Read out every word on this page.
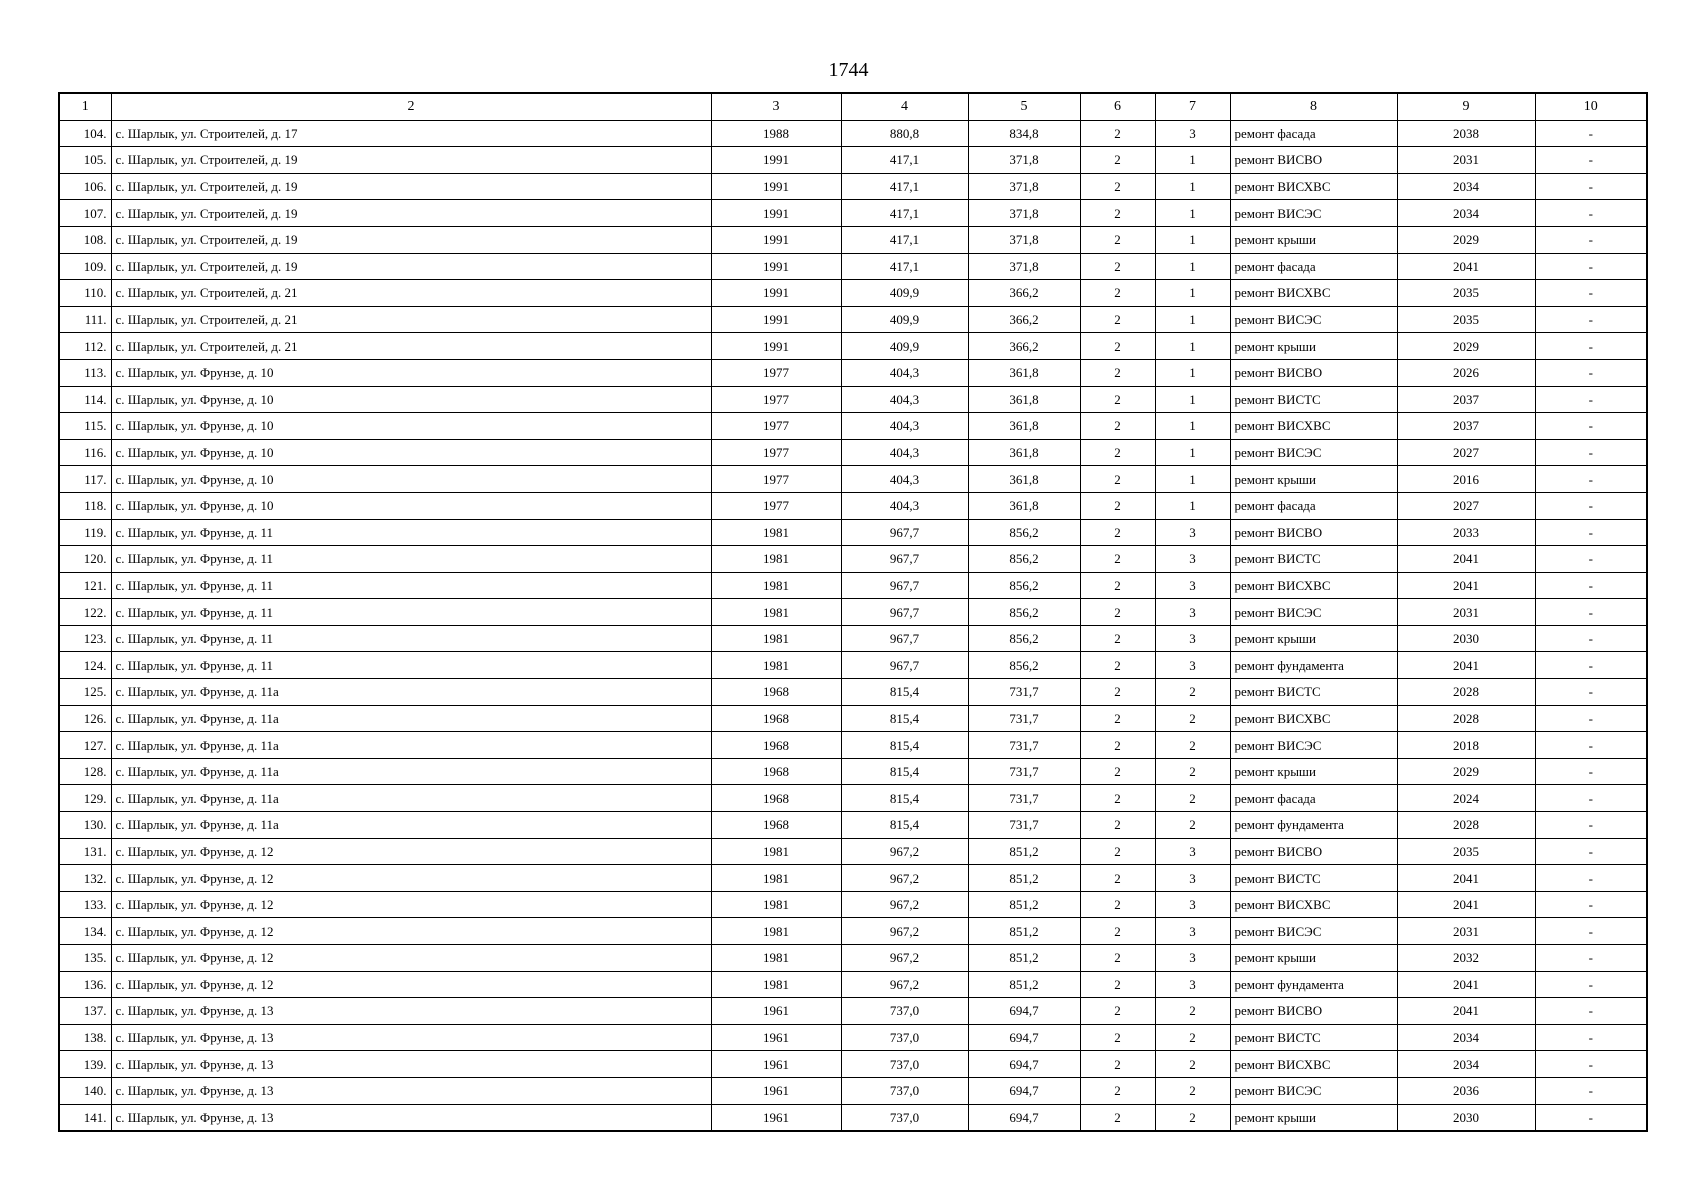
1744
1	2	3	4	5	6	7	8	9	10
104.	с. Шарлык, ул. Строителей, д. 17	1988	880,8	834,8	2	3	ремонт фасада	2038	-
105.	с. Шарлык, ул. Строителей, д. 19	1991	417,1	371,8	2	1	ремонт ВИСВО	2031	-
106.	с. Шарлык, ул. Строителей, д. 19	1991	417,1	371,8	2	1	ремонт ВИСХВС	2034	-
107.	с. Шарлык, ул. Строителей, д. 19	1991	417,1	371,8	2	1	ремонт ВИСЭС	2034	-
108.	с. Шарлык, ул. Строителей, д. 19	1991	417,1	371,8	2	1	ремонт крыши	2029	-
109.	с. Шарлык, ул. Строителей, д. 19	1991	417,1	371,8	2	1	ремонт фасада	2041	-
110.	с. Шарлык, ул. Строителей, д. 21	1991	409,9	366,2	2	1	ремонт ВИСХВС	2035	-
111.	с. Шарлык, ул. Строителей, д. 21	1991	409,9	366,2	2	1	ремонт ВИСЭС	2035	-
112.	с. Шарлык, ул. Строителей, д. 21	1991	409,9	366,2	2	1	ремонт крыши	2029	-
113.	с. Шарлык, ул. Фрунзе, д. 10	1977	404,3	361,8	2	1	ремонт ВИСВО	2026	-
114.	с. Шарлык, ул. Фрунзе, д. 10	1977	404,3	361,8	2	1	ремонт ВИСТС	2037	-
115.	с. Шарлык, ул. Фрунзе, д. 10	1977	404,3	361,8	2	1	ремонт ВИСХВС	2037	-
116.	с. Шарлык, ул. Фрунзе, д. 10	1977	404,3	361,8	2	1	ремонт ВИСЭС	2027	-
117.	с. Шарлык, ул. Фрунзе, д. 10	1977	404,3	361,8	2	1	ремонт крыши	2016	-
118.	с. Шарлык, ул. Фрунзе, д. 10	1977	404,3	361,8	2	1	ремонт фасада	2027	-
119.	с. Шарлык, ул. Фрунзе, д. 11	1981	967,7	856,2	2	3	ремонт ВИСВО	2033	-
120.	с. Шарлык, ул. Фрунзе, д. 11	1981	967,7	856,2	2	3	ремонт ВИСТС	2041	-
121.	с. Шарлык, ул. Фрунзе, д. 11	1981	967,7	856,2	2	3	ремонт ВИСХВС	2041	-
122.	с. Шарлык, ул. Фрунзе, д. 11	1981	967,7	856,2	2	3	ремонт ВИСЭС	2031	-
123.	с. Шарлык, ул. Фрунзе, д. 11	1981	967,7	856,2	2	3	ремонт крыши	2030	-
124.	с. Шарлык, ул. Фрунзе, д. 11	1981	967,7	856,2	2	3	ремонт фундамента	2041	-
125.	с. Шарлык, ул. Фрунзе, д. 11а	1968	815,4	731,7	2	2	ремонт ВИСТС	2028	-
126.	с. Шарлык, ул. Фрунзе, д. 11а	1968	815,4	731,7	2	2	ремонт ВИСХВС	2028	-
127.	с. Шарлык, ул. Фрунзе, д. 11а	1968	815,4	731,7	2	2	ремонт ВИСЭС	2018	-
128.	с. Шарлык, ул. Фрунзе, д. 11а	1968	815,4	731,7	2	2	ремонт крыши	2029	-
129.	с. Шарлык, ул. Фрунзе, д. 11а	1968	815,4	731,7	2	2	ремонт фасада	2024	-
130.	с. Шарлык, ул. Фрунзе, д. 11а	1968	815,4	731,7	2	2	ремонт фундамента	2028	-
131.	с. Шарлык, ул. Фрунзе, д. 12	1981	967,2	851,2	2	3	ремонт ВИСВО	2035	-
132.	с. Шарлык, ул. Фрунзе, д. 12	1981	967,2	851,2	2	3	ремонт ВИСТС	2041	-
133.	с. Шарлык, ул. Фрунзе, д. 12	1981	967,2	851,2	2	3	ремонт ВИСХВС	2041	-
134.	с. Шарлык, ул. Фрунзе, д. 12	1981	967,2	851,2	2	3	ремонт ВИСЭС	2031	-
135.	с. Шарлык, ул. Фрунзе, д. 12	1981	967,2	851,2	2	3	ремонт крыши	2032	-
136.	с. Шарлык, ул. Фрунзе, д. 12	1981	967,2	851,2	2	3	ремонт фундамента	2041	-
137.	с. Шарлык, ул. Фрунзе, д. 13	1961	737,0	694,7	2	2	ремонт ВИСВО	2041	-
138.	с. Шарлык, ул. Фрунзе, д. 13	1961	737,0	694,7	2	2	ремонт ВИСТС	2034	-
139.	с. Шарлык, ул. Фрунзе, д. 13	1961	737,0	694,7	2	2	ремонт ВИСХВС	2034	-
140.	с. Шарлык, ул. Фрунзе, д. 13	1961	737,0	694,7	2	2	ремонт ВИСЭС	2036	-
141.	с. Шарлык, ул. Фрунзе, д. 13	1961	737,0	694,7	2	2	ремонт крыши	2030	-
